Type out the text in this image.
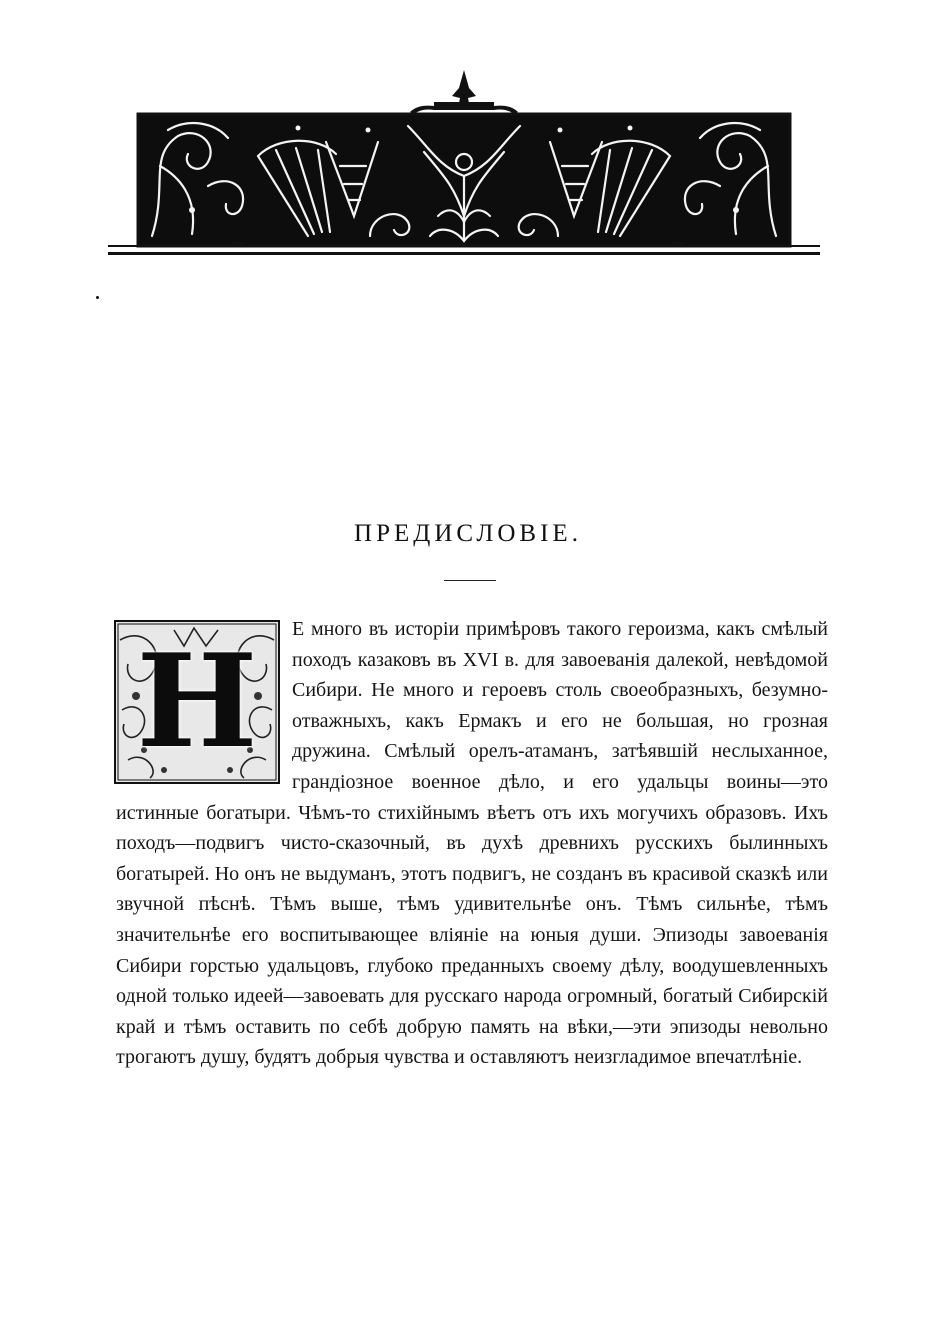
ПРЕДИСЛОВІЕ.
Н	Е много въ исторіи примѣровъ такого героизма, какъ смѣлый походъ казаковъ въ XVI в. для завоеванія далекой, невѣдомой Сибири. Не много и героевъ столь своеобразныхъ, безумно-отважныхъ, какъ Ермакъ и его не большая, но грозная дружина. Смѣлый орелъ-атаманъ, затѣявшій неслыханное, грандіозное военное дѣло, и его удальцы воины—это истинные богатыри. Чѣмъ-то стихійнымъ вѣетъ отъ ихъ могучихъ образовъ. Ихъ походъ—подвигъ чисто-сказочный, въ духѣ древнихъ русскихъ былинныхъ богатырей. Но онъ не выдуманъ, этотъ подвигъ, не созданъ въ красивой сказкѣ или звучной пѣснѣ. Тѣмъ выше, тѣмъ удивительнѣе онъ. Тѣмъ сильнѣе, тѣмъ значительнѣе его воспитывающее вліяніе на юныя души. Эпизоды завоеванія Сибири горстью удальцовъ, глубоко преданныхъ своему дѣлу, воодушевленныхъ одной только идеей—завоевать для русскаго народа огромный, богатый Сибирскій край и тѣмъ оставить по себѣ добрую память на вѣки,—эти эпизоды невольно трогаютъ душу, будятъ добрыя чувства и оставляютъ неизгладимое впечатлѣніе.
